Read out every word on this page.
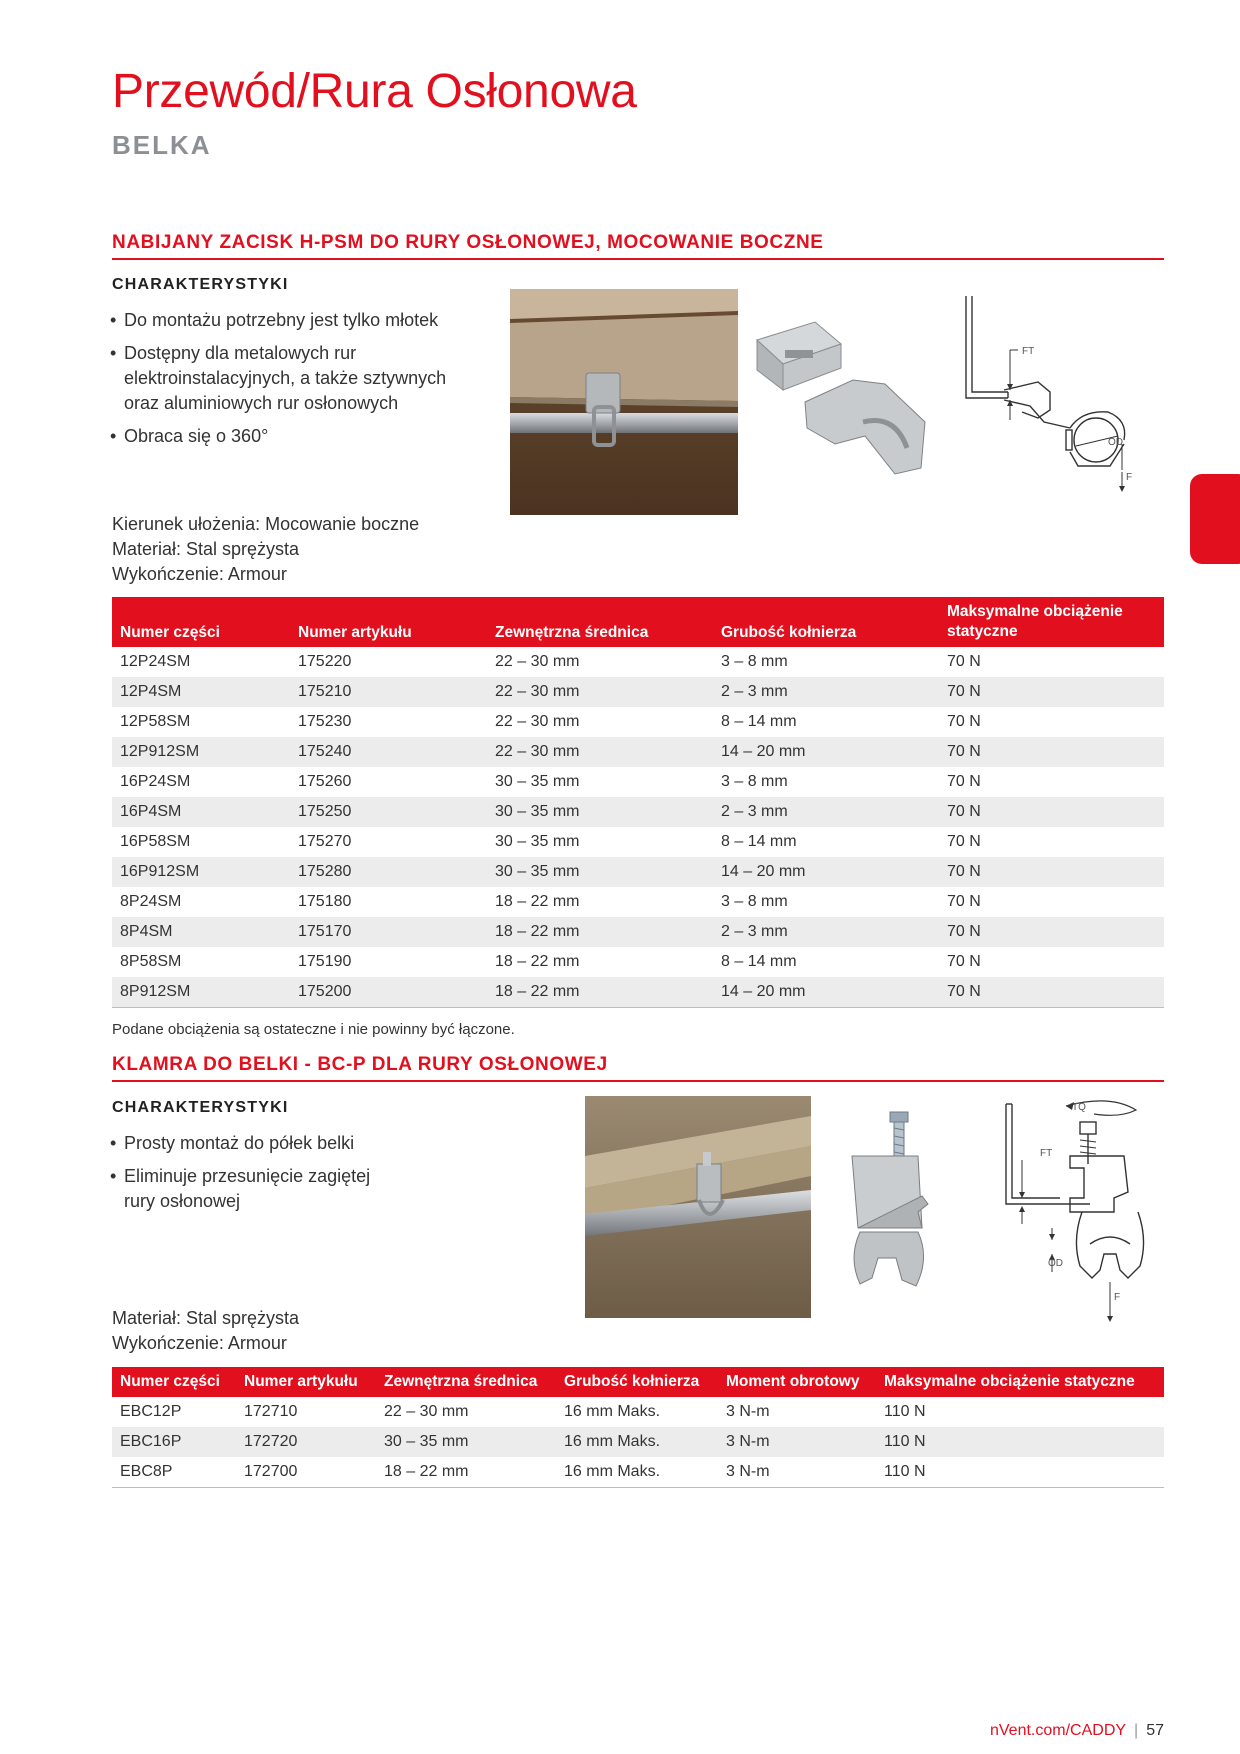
Przewód/Rura Osłonowa
BELKA
NABIJANY ZACISK H-PSM DO RURY OSŁONOWEJ, MOCOWANIE BOCZNE
CHARAKTERYSTYKI
• Do montażu potrzebny jest tylko młotek
• Dostępny dla metalowych rur elektroinstalacyjnych, a także sztywnych oraz aluminiowych rur osłonowych
• Obraca się o 360°
Kierunek ułożenia: Mocowanie boczne
Materiał: Stal sprężysta
Wykończenie: Armour
FT
OD
F
Numer części	Numer artykułu	Zewnętrzna średnica	Grubość kołnierza	Maksymalne obciążenie statyczne
12P24SM	175220	22 – 30 mm	3 – 8 mm	70 N
12P4SM	175210	22 – 30 mm	2 – 3 mm	70 N
12P58SM	175230	22 – 30 mm	8 – 14 mm	70 N
12P912SM	175240	22 – 30 mm	14 – 20 mm	70 N
16P24SM	175260	30 – 35 mm	3 – 8 mm	70 N
16P4SM	175250	30 – 35 mm	2 – 3 mm	70 N
16P58SM	175270	30 – 35 mm	8 – 14 mm	70 N
16P912SM	175280	30 – 35 mm	14 – 20 mm	70 N
8P24SM	175180	18 – 22 mm	3 – 8 mm	70 N
8P4SM	175170	18 – 22 mm	2 – 3 mm	70 N
8P58SM	175190	18 – 22 mm	8 – 14 mm	70 N
8P912SM	175200	18 – 22 mm	14 – 20 mm	70 N
Podane obciążenia są ostateczne i nie powinny być łączone.
KLAMRA DO BELKI - BC-P DLA RURY OSŁONOWEJ
CHARAKTERYSTYKI
• Prosty montaż do półek belki
• Eliminuje przesunięcie zagiętej rury osłonowej
Materiał: Stal sprężysta
Wykończenie: Armour
TQ
FT
OD
F
Numer części	Numer artykułu	Zewnętrzna średnica	Grubość kołnierza	Moment obrotowy	Maksymalne obciążenie statyczne
EBC12P	172710	22 – 30 mm	16 mm Maks.	3 N-m	110 N
EBC16P	172720	30 – 35 mm	16 mm Maks.	3 N-m	110 N
EBC8P	172700	18 – 22 mm	16 mm Maks.	3 N-m	110 N
nVent.com/CADDY | 57
